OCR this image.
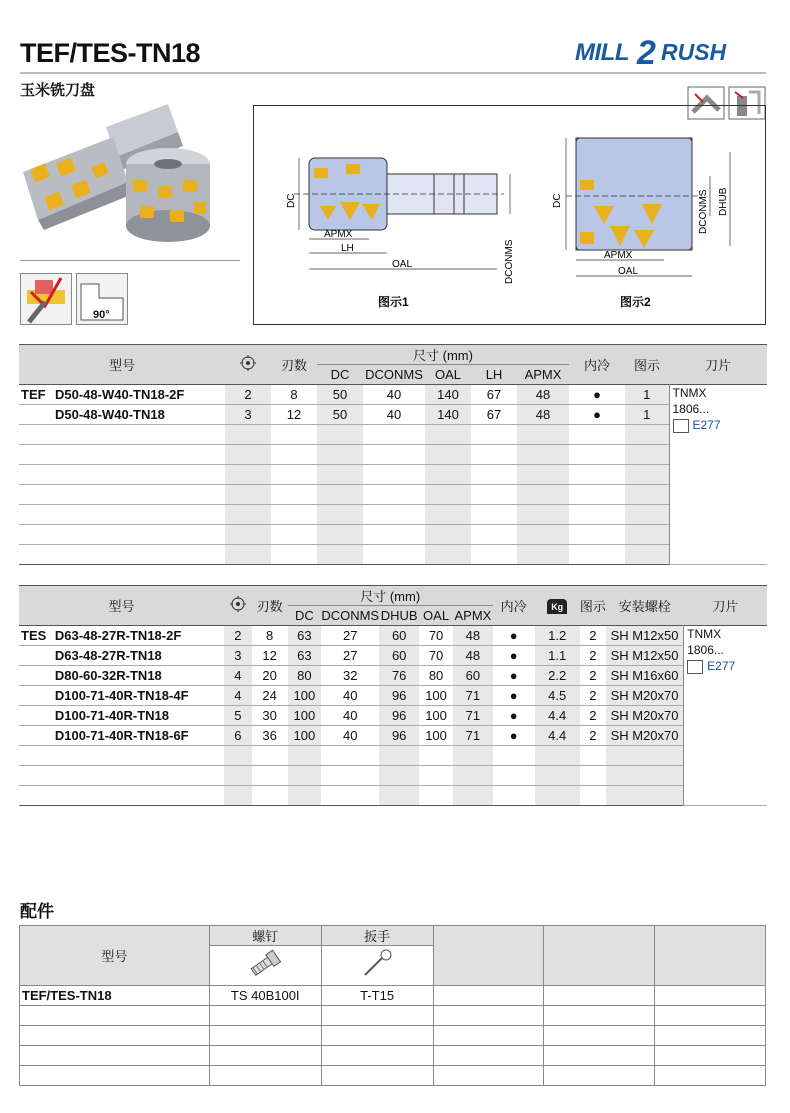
TEF/TES-TN18
玉米铣刀盘
MILL 2 RUSH
90°
DC
APMX
LH
OAL	DCONMS
图示1
DC
APMX
OAL
DCONMS DHUB
图示2
型号			刃数	尺寸 (mm)					内冷	图示	刀片
				DC	DCONMS	OAL	LH	APMX			
TEF	D50-48-W40-TN18-2F	2	8	50	40	140	67	48	●	1	TNMX
1806...
E277

	D50-48-W40-TN18	3	12	50	40	140	67	48	●	1	

型号			刃数	尺寸 (mm)					内冷	Kg	图示	安装螺栓	刀片
				DC	DCONMS	DHUB	OAL	APMX					
TES	D63-48-27R-TN18-2F	2	8	63	27	60	70	48	●	1.2	2	SH M12x50	TNMX
1806...
E277

	D63-48-27R-TN18	3	12	63	27	60	70	48	●	1.1	2	SH M12x50	
	D80-60-32R-TN18	4	20	80	32	76	80	60	●	2.2	2	SH M16x60	
	D100-71-40R-TN18-4F	4	24	100	40	96	100	71	●	4.5	2	SH M20x70	
	D100-71-40R-TN18	5	30	100	40	96	100	71	●	4.4	2	SH M20x70	
	D100-71-40R-TN18-6F	6	36	100	40	96	100	71	●	4.4	2	SH M20x70	

配件
型号	螺钉	扳手			

TEF/TES-TN18	TS 40B100I	T-T15			
